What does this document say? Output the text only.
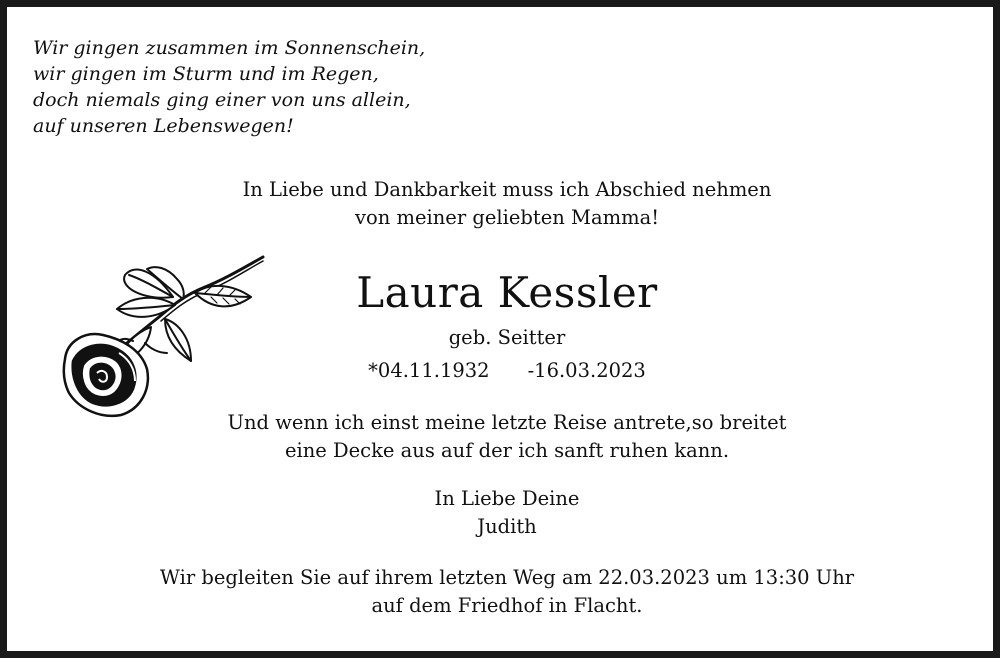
Wir gingen zusammen im Sonnenschein,
wir gingen im Sturm und im Regen,
doch niemals ging einer von uns allein,
auf unseren Lebenswegen!
In Liebe und Dankbarkeit muss ich Abschied nehmen
von meiner geliebten Mamma!
Laura Kessler
geb. Seitter
*04.11.1932 ‐16.03.2023
Und wenn ich einst meine letzte Reise antrete,so breitet
eine Decke aus auf der ich sanft ruhen kann.
In Liebe Deine
Judith
Wir begleiten Sie auf ihrem letzten Weg am 22.03.2023 um 13:30 Uhr
auf dem Friedhof in Flacht.
